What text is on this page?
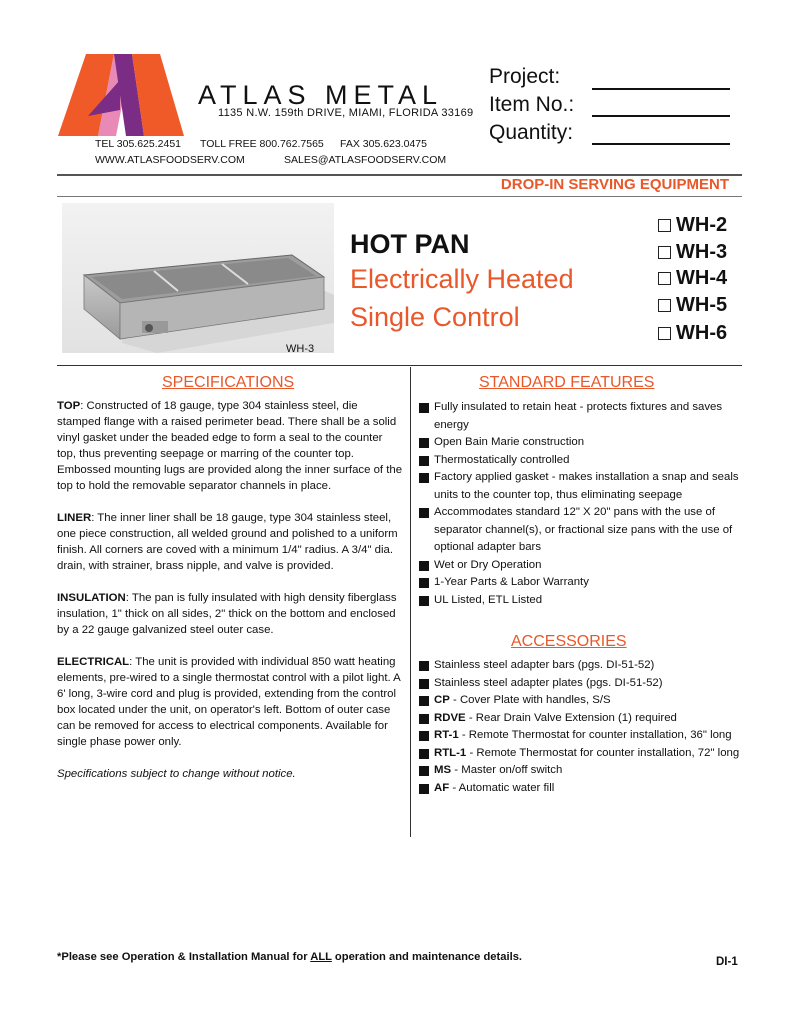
ATLAS METAL
1135 N.W. 159th DRIVE, MIAMI, FLORIDA 33169
TEL 305.625.2451 TOLL FREE 800.762.7565 FAX 305.623.0475
WWW.ATLASFOODSERV.COM	SALES@ATLASFOODSERV.COM
Project:
Item No.:
Quantity:
DROP-IN SERVING EQUIPMENT
WH-3
HOT PAN
Electrically Heated
Single Control
WH-2
WH-3
WH-4
WH-5
WH-6
SPECIFICATIONS

TOP: Constructed of 18 gauge, type 304 stainless steel, die stamped flange with a raised perimeter bead. There shall be a solid vinyl gasket under the beaded edge to form a seal to the counter top, thus preventing seepage or marring of the counter top. Embossed mounting lugs are provided along the inner surface of the top to hold the removable separator channels in place.

LINER: The inner liner shall be 18 gauge, type 304 stainless steel, one piece construction, all welded ground and polished to a uniform finish. All corners are coved with a minimum 1/4" radius. A 3/4" dia. drain, with strainer, brass nipple, and valve is provided.

INSULATION: The pan is fully insulated with high density fiberglass insulation, 1" thick on all sides, 2" thick on the bottom and enclosed by a 22 gauge galvanized steel outer case.

ELECTRICAL: The unit is provided with individual 850 watt heating elements, pre-wired to a single thermostat control with a pilot light. A 6' long, 3-wire cord and plug is provided, extending from the control box located under the unit, on operator's left. Bottom of outer case can be removed for access to electrical components. Available for single phase power only.

Specifications subject to change without notice.

STANDARD FEATURES
Fully insulated to retain heat - protects fixtures and saves energy
Open Bain Marie construction
Thermostatically controlled
Factory applied gasket - makes installation a snap and seals units to the counter top, thus eliminating seepage
Accommodates standard 12" X 20" pans with the use of separator channel(s), or fractional size pans with the use of optional adapter bars
Wet or Dry Operation
1-Year Parts & Labor Warranty
UL Listed, ETL Listed
ACCESSORIES
Stainless steel adapter bars (pgs. DI-51-52)
Stainless steel adapter plates (pgs. DI-51-52)
CP - Cover Plate with handles, S/S
RDVE - Rear Drain Valve Extension (1) required
RT-1 - Remote Thermostat for counter installation, 36" long
RTL-1 - Remote Thermostat for counter installation, 72" long
MS - Master on/off switch
AF - Automatic water fill
*Please see Operation & Installation Manual for ALL operation and maintenance details.	DI-1
